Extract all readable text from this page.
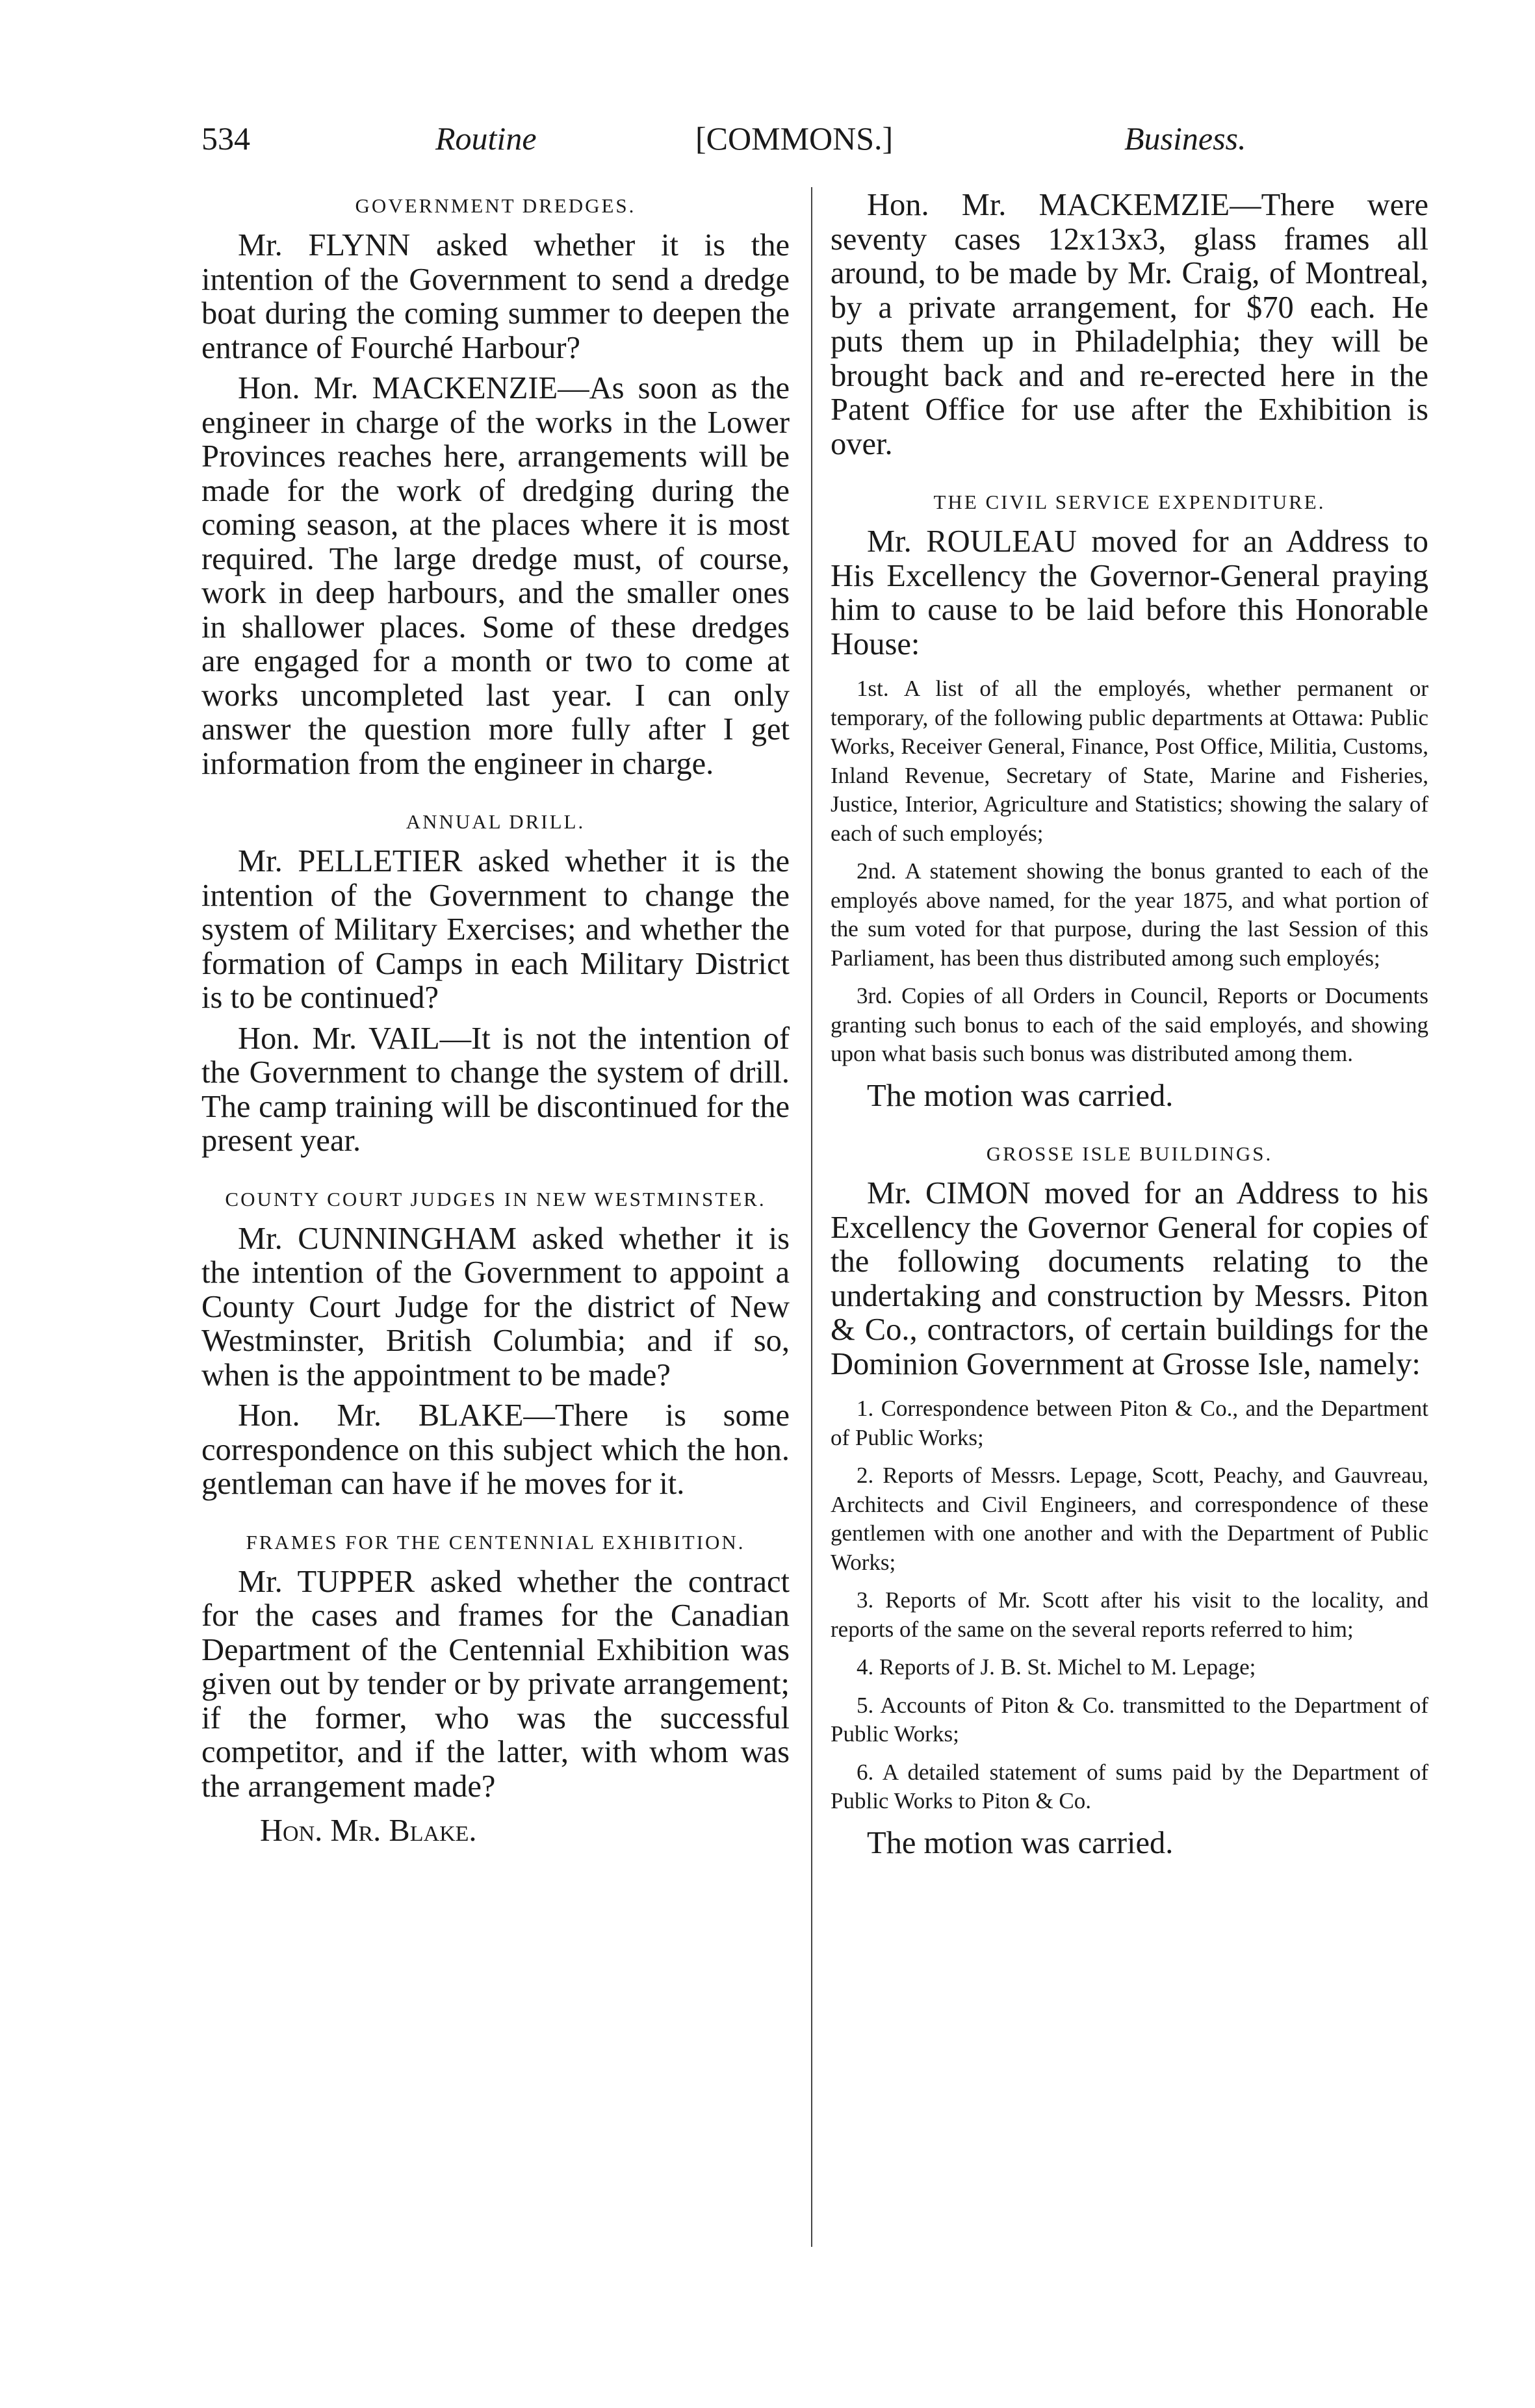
534	Routine	[COMMONS.]	Business.
GOVERNMENT DREDGES.

Mr. FLYNN asked whether it is the intention of the Government to send a dredge boat during the coming summer to deepen the entrance of Fourché Harbour?

Hon. Mr. MACKENZIE—As soon as the engineer in charge of the works in the Lower Provinces reaches here, arrangements will be made for the work of dredging during the coming season, at the places where it is most required. The large dredge must, of course, work in deep harbours, and the smaller ones in shallower places. Some of these dredges are engaged for a month or two to come at works uncompleted last year. I can only answer the question more fully after I get information from the engineer in charge.

ANNUAL DRILL.

Mr. PELLETIER asked whether it is the intention of the Government to change the system of Military Exercises; and whether the formation of Camps in each Military District is to be continued?

Hon. Mr. VAIL—It is not the intention of the Government to change the system of drill. The camp training will be discontinued for the present year.

COUNTY COURT JUDGES IN NEW WESTMINSTER.

Mr. CUNNINGHAM asked whether it is the intention of the Government to appoint a County Court Judge for the district of New Westminster, British Columbia; and if so, when is the appointment to be made?

Hon. Mr. BLAKE—There is some correspondence on this subject which the hon. gentleman can have if he moves for it.

FRAMES FOR THE CENTENNIAL EXHIBITION.

Mr. TUPPER asked whether the contract for the cases and frames for the Canadian Department of the Centennial Exhibition was given out by tender or by private arrangement; if the former, who was the successful competitor, and if the latter, with whom was the arrangement made?

Hon. Mr. Blake.

Hon. Mr. MACKEMZIE—There were seventy cases 12x13x3, glass frames all around, to be made by Mr. Craig, of Montreal, by a private arrangement, for $70 each. He puts them up in Philadelphia; they will be brought back and and re-erected here in the Patent Office for use after the Exhibition is over.

THE CIVIL SERVICE EXPENDITURE.

Mr. ROULEAU moved for an Address to His Excellency the Governor-General praying him to cause to be laid before this Honorable House:

1st. A list of all the employés, whether permanent or temporary, of the following public departments at Ottawa: Public Works, Receiver General, Finance, Post Office, Militia, Customs, Inland Revenue, Secretary of State, Marine and Fisheries, Justice, Interior, Agriculture and Statistics; showing the salary of each of such employés;

2nd. A statement showing the bonus granted to each of the employés above named, for the year 1875, and what portion of the sum voted for that purpose, during the last Session of this Parliament, has been thus distributed among such employés;

3rd. Copies of all Orders in Council, Reports or Documents granting such bonus to each of the said employés, and showing upon what basis such bonus was distributed among them.

The motion was carried.

GROSSE ISLE BUILDINGS.

Mr. CIMON moved for an Address to his Excellency the Governor General for copies of the following documents relating to the undertaking and construction by Messrs. Piton & Co., contractors, of certain buildings for the Dominion Government at Grosse Isle, namely:

1. Correspondence between Piton & Co., and the Department of Public Works;

2. Reports of Messrs. Lepage, Scott, Peachy, and Gauvreau, Architects and Civil Engineers, and correspondence of these gentlemen with one another and with the Department of Public Works;

3. Reports of Mr. Scott after his visit to the locality, and reports of the same on the several reports referred to him;

4. Reports of J. B. St. Michel to M. Lepage;

5. Accounts of Piton & Co. transmitted to the Department of Public Works;

6. A detailed statement of sums paid by the Department of Public Works to Piton & Co.

The motion was carried.
